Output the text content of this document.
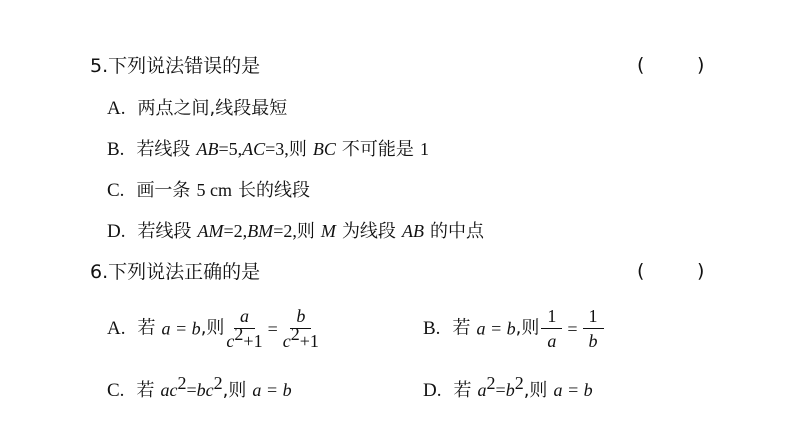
5.下列说法错误的是	(	)
A. 两点之间,线段最短
B. 若线段 AB=5,AC=3,则 BC 不可能是 1
C. 画一条 5 cm 长的线段
D. 若线段 AM=2,BM=2,则 M 为线段 AB 的中点
6.下列说法正确的是	(	)
A. 若 a = b,则 $\frac{a}{c^2+1} = \frac{b}{c^2+1}$	B. 若 a = b,则 $\frac{1}{a} = \frac{1}{b}$
C. 若 $ac^2=bc^2$,则 a = b	D. 若 $a^2=b^2$,则 a = b
